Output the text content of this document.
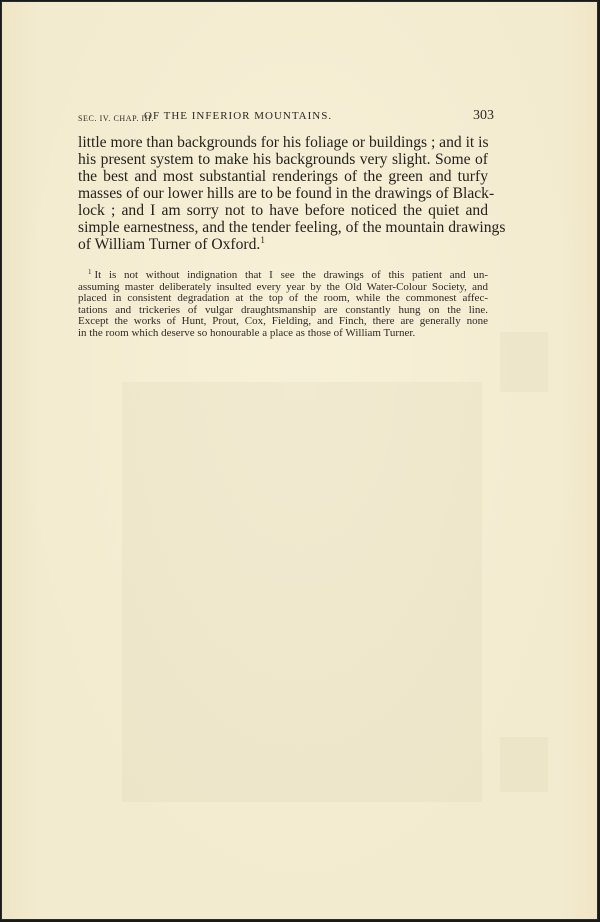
SEC. IV. CHAP. III.
OF THE INFERIOR MOUNTAINS.	303
little more than backgrounds for his foliage or buildings ; and it is
his present system to make his backgrounds very slight. Some of
the best and most substantial renderings of the green and turfy
masses of our lower hills are to be found in the drawings of Black-
lock ; and I am sorry not to have before noticed the quiet and
simple earnestness, and the tender feeling, of the mountain drawings
of William Turner of Oxford.$^1$
$^1$ It is not without indignation that I see the drawings of this patient and un-
assuming master deliberately insulted every year by the Old Water-Colour Society, and
placed in consistent degradation at the top of the room, while the commonest affec-
tations and trickeries of vulgar draughtsmanship are constantly hung on the line.
Except the works of Hunt, Prout, Cox, Fielding, and Finch, there are generally none
in the room which deserve so honourable a place as those of William Turner.
